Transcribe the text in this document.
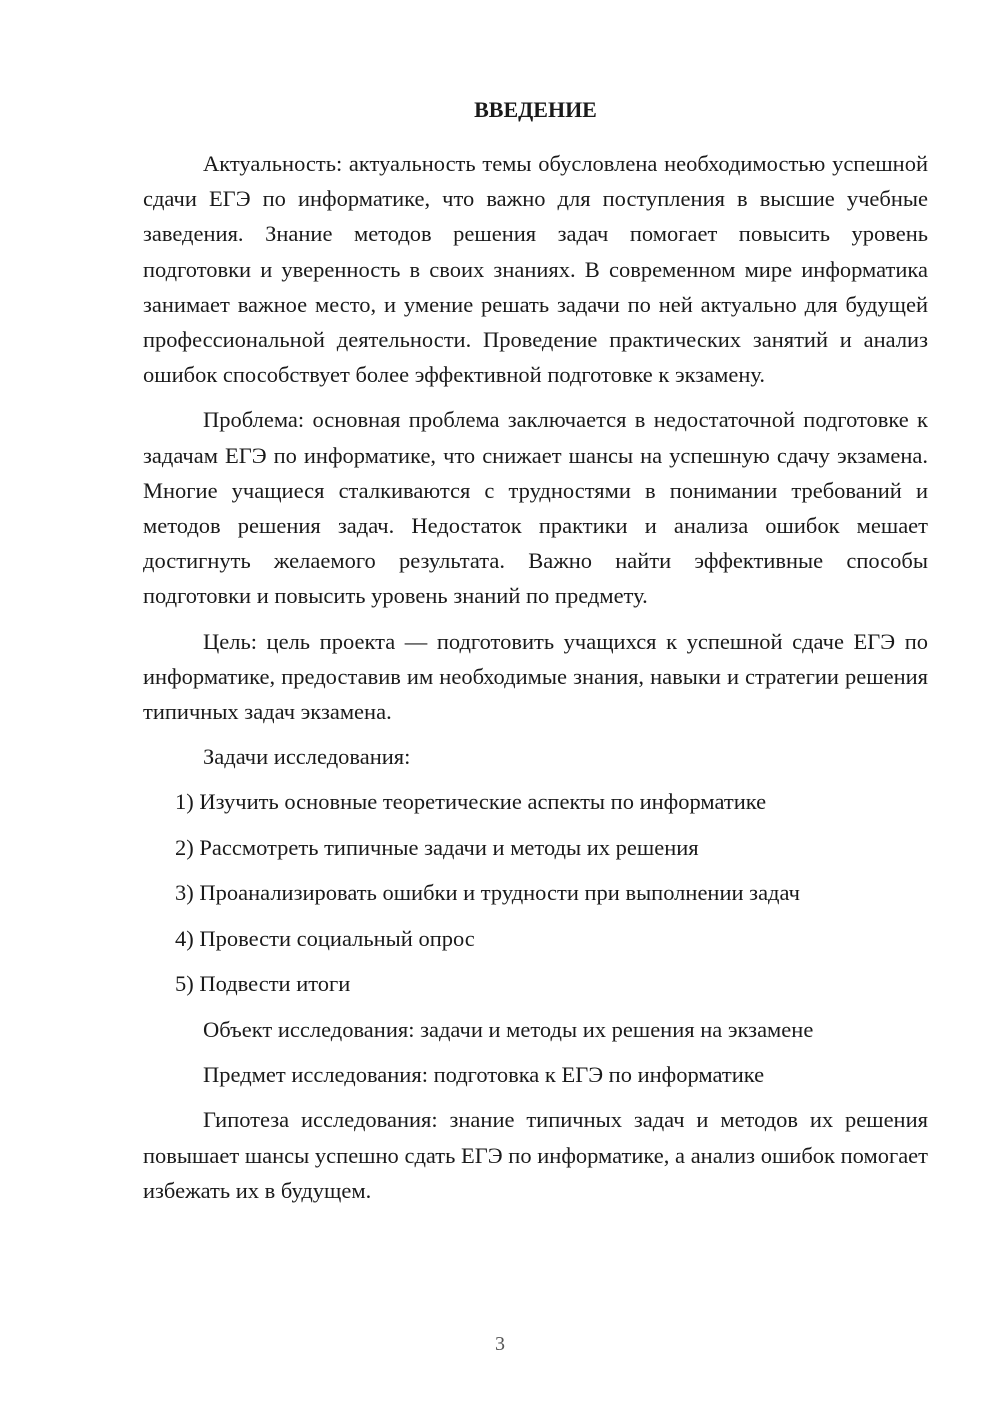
ВВЕДЕНИЕ

Актуальность: актуальность темы обусловлена необходимостью успешной сдачи ЕГЭ по информатике, что важно для поступления в высшие учебные заведения. Знание методов решения задач помогает повысить уровень подготовки и уверенность в своих знаниях. В современном мире информатика занимает важное место, и умение решать задачи по ней актуально для будущей профессиональной деятельности. Проведение практических занятий и анализ ошибок способствует более эффективной подготовке к экзамену.

Проблема: основная проблема заключается в недостаточной подготовке к задачам ЕГЭ по информатике, что снижает шансы на успешную сдачу экзамена. Многие учащиеся сталкиваются с трудностями в понимании требований и методов решения задач. Недостаток практики и анализа ошибок мешает достигнуть желаемого результата. Важно найти эффективные способы подготовки и повысить уровень знаний по предмету.

Цель: цель проекта — подготовить учащихся к успешной сдаче ЕГЭ по информатике, предоставив им необходимые знания, навыки и стратегии решения типичных задач экзамена.

Задачи исследования:

1) Изучить основные теоретические аспекты по информатике
2) Рассмотреть типичные задачи и методы их решения
3) Проанализировать ошибки и трудности при выполнении задач
4) Провести социальный опрос
5) Подвести итоги

Объект исследования: задачи и методы их решения на экзамене

Предмет исследования: подготовка к ЕГЭ по информатике

Гипотеза исследования: знание типичных задач и методов их решения повышает шансы успешно сдать ЕГЭ по информатике, а анализ ошибок помогает избежать их в будущем.

3
